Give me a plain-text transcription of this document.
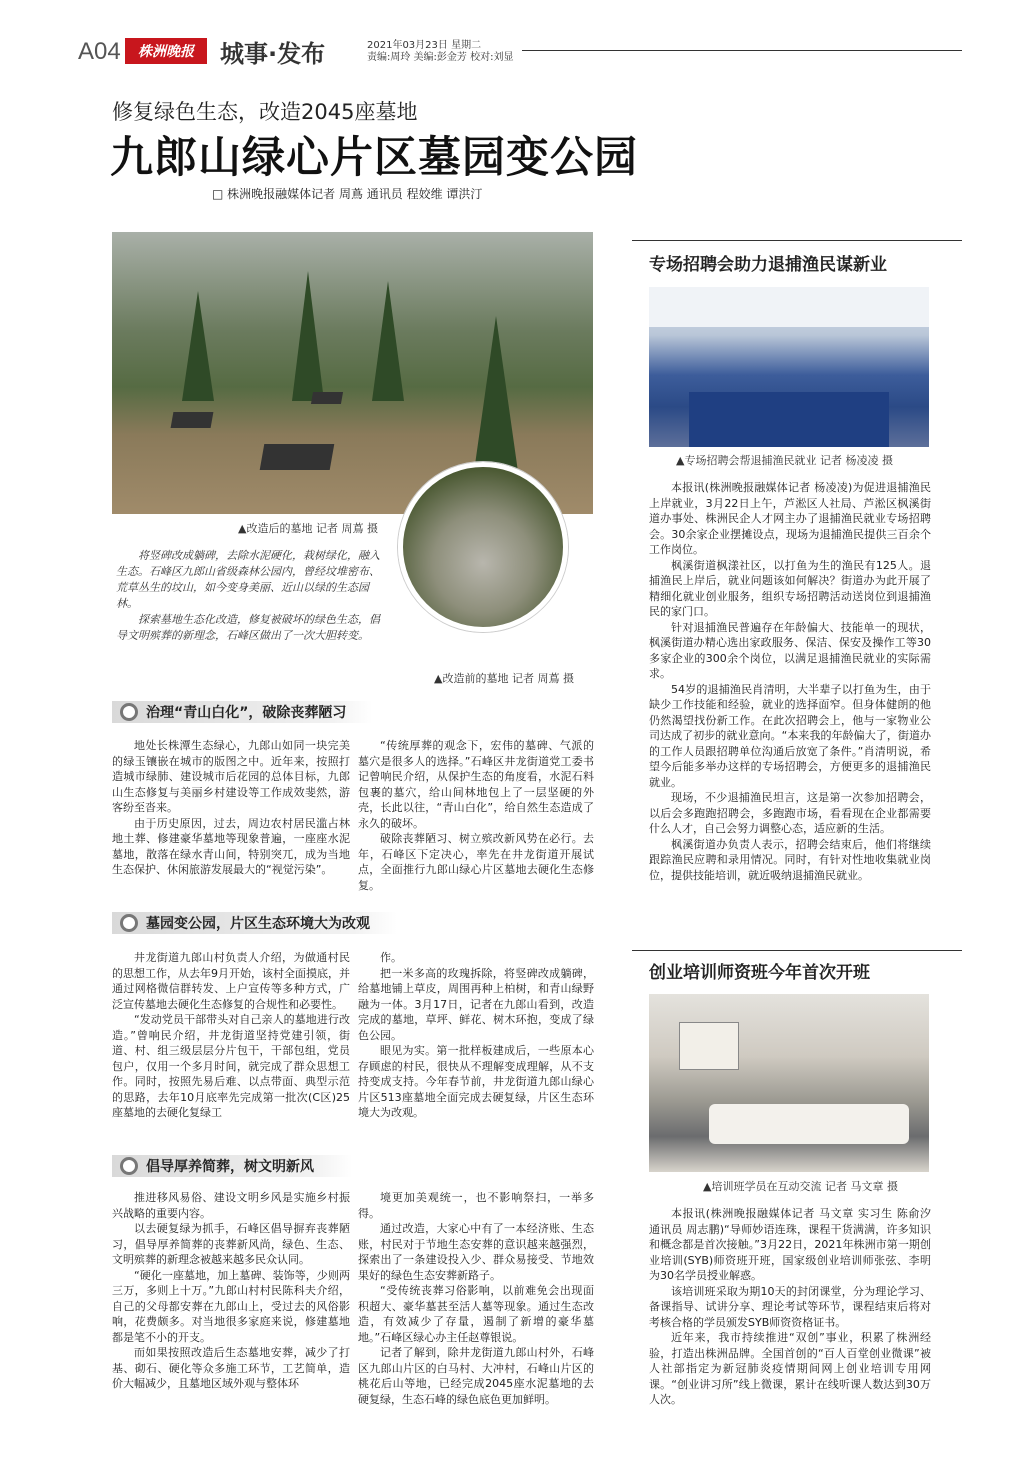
A04	株洲晚报	城事·发布	2021年03月23日 星期二
责编:周玲 美编:彭金芳 校对:刘显
修复绿色生态，改造2045座墓地
九郎山绿心片区墓园变公园
□ 株洲晚报融媒体记者 周蔦 通讯员 程姣维 谭洪汀
▲改造后的墓地 记者 周蔦 摄
▲改造前的墓地 记者 周蔦 摄

将竖碑改成躺碑，去除水泥硬化，栽树绿化，融入生态。石峰区九郎山省级森林公园内，曾经坟堆密布、荒草丛生的坟山，如今变身美丽、近山以绿的生态园林。

探索墓地生态化改造，修复被破坏的绿色生态，倡导文明殡葬的新理念，石峰区做出了一次大胆转变。

治理“青山白化”，破除丧葬陋习

地处长株潭生态绿心，九郎山如同一块完美的绿玉镶嵌在城市的版图之中。近年来，按照打造城市绿肺、建设城市后花园的总体目标，九郎山生态修复与美丽乡村建设等工作成效斐然，游客纷至沓来。

由于历史原因，过去，周边农村居民滥占林地土葬、修建豪华墓地等现象普遍，一座座水泥墓地，散落在绿水青山间，特别突兀，成为当地生态保护、休闲旅游发展最大的“视觉污染”。

“传统厚葬的观念下，宏伟的墓碑、气派的墓穴是很多人的选择。”石峰区井龙街道党工委书记曾响民介绍，从保护生态的角度看，水泥石料包裹的墓穴，给山间林地包上了一层坚硬的外壳，长此以往，“青山白化”，给自然生态造成了永久的破坏。

破除丧葬陋习、树立殡改新风势在必行。去年，石峰区下定决心，率先在井龙街道开展试点，全面推行九郎山绿心片区墓地去硬化生态修复。

墓园变公园，片区生态环境大为改观

井龙街道九郎山村负责人介绍，为做通村民的思想工作，从去年9月开始，该村全面摸底，并通过网格微信群转发、上户宣传等多种方式，广泛宣传墓地去硬化生态修复的合规性和必要性。

“发动党员干部带头对自己亲人的墓地进行改造。”曾响民介绍，井龙街道坚持党建引领，街道、村、组三级层层分片包干，干部包组，党员包户，仅用一个多月时间，就完成了群众思想工作。同时，按照先易后难、以点带面、典型示范的思路，去年10月底率先完成第一批次(C区)25座墓地的去硬化复绿工

作。

把一米多高的玫瑰拆除，将竖碑改成躺碑，给墓地铺上草皮，周围再种上柏树，和青山绿野融为一体。3月17日，记者在九郎山看到，改造完成的墓地，草坪、鲜花、树木环抱，变成了绿色公园。

眼见为实。第一批样板建成后，一些原本心存顾虑的村民，很快从不理解变成理解，从不支持变成支持。今年春节前，井龙街道九郎山绿心片区513座墓地全面完成去硬复绿，片区生态环境大为改观。

倡导厚养简葬，树文明新风

推进移风易俗、建设文明乡风是实施乡村振兴战略的重要内容。

以去硬复绿为抓手，石峰区倡导摒弃丧葬陋习，倡导厚养简葬的丧葬新风尚，绿色、生态、文明殡葬的新理念被越来越多民众认同。

“硬化一座墓地，加上墓碑、装饰等，少则两三万，多则上十万。”九郎山村村民陈科夫介绍，自己的父母都安葬在九郎山上，受过去的风俗影响，花费颇多。对当地很多家庭来说，修建墓地都是笔不小的开支。

而如果按照改造后生态墓地安葬，减少了打基、砌石、硬化等众多施工环节，工艺简单，造价大幅减少，且墓地区域外观与整体环

境更加美观统一，也不影响祭扫，一举多得。

通过改造，大家心中有了一本经济账、生态账，村民对于节地生态安葬的意识越来越强烈，探索出了一条建设投入少、群众易接受、节地效果好的绿色生态安葬新路子。

“受传统丧葬习俗影响，以前难免会出现面积超大、豪华墓甚至活人墓等现象。通过生态改造，有效减少了存量，遏制了新增的豪华墓地。”石峰区绿心办主任赵尊银说。

记者了解到，除井龙街道九郎山村外，石峰区九郎山片区的白马村、大冲村，石峰山片区的桃花后山等地，已经完成2045座水泥墓地的去硬复绿，生态石峰的绿色底色更加鲜明。

专场招聘会助力退捕渔民谋新业
▲专场招聘会帮退捕渔民就业 记者 杨凌凌 摄

本报讯(株洲晚报融媒体记者 杨凌凌)为促进退捕渔民上岸就业，3月22日上午，芦淞区人社局、芦淞区枫溪街道办事处、株洲民企人才网主办了退捕渔民就业专场招聘会。30余家企业摆摊设点，现场为退捕渔民提供三百余个工作岗位。

枫溪街道枫漾社区，以打鱼为生的渔民有125人。退捕渔民上岸后，就业问题该如何解决？街道办为此开展了精细化就业创业服务，组织专场招聘活动送岗位到退捕渔民的家门口。

针对退捕渔民普遍存在年龄偏大、技能单一的现状，枫溪街道办精心选出家政服务、保洁、保安及操作工等30多家企业的300余个岗位，以满足退捕渔民就业的实际需求。

54岁的退捕渔民肖清明，大半辈子以打鱼为生，由于缺少工作技能和经验，就业的选择面窄。但身体健朗的他仍然渴望找份新工作。在此次招聘会上，他与一家物业公司达成了初步的就业意向。“本来我的年龄偏大了，街道办的工作人员跟招聘单位沟通后放宽了条件。”肖清明说，希望今后能多举办这样的专场招聘会，方便更多的退捕渔民就业。

现场，不少退捕渔民坦言，这是第一次参加招聘会，以后会多跑跑招聘会，多跑跑市场，看看现在企业都需要什么人才，自己会努力调整心态，适应新的生活。

枫溪街道办负责人表示，招聘会结束后，他们将继续跟踪渔民应聘和录用情况。同时，有针对性地收集就业岗位，提供技能培训，就近吸纳退捕渔民就业。

创业培训师资班今年首次开班
▲培训班学员在互动交流 记者 马文章 摄

本报讯(株洲晚报融媒体记者 马文章 实习生 陈俞汐 通讯员 周志鹏)“导师妙语连珠，课程干货满满，许多知识和概念都是首次接触。”3月22日，2021年株洲市第一期创业培训(SYB)师资班开班，国家级创业培训师张弦、李明为30名学员授业解惑。

该培训班采取为期10天的封闭课堂，分为理论学习、备课指导、试讲分享、理论考试等环节，课程结束后将对考核合格的学员颁发SYB师资资格证书。

近年来，我市持续推进“双创”事业，积累了株洲经验，打造出株洲品牌。全国首创的“百人百堂创业微课”被人社部指定为新冠肺炎疫情期间网上创业培训专用网课。“创业讲习所”线上微课，累计在线听课人数达到30万人次。
